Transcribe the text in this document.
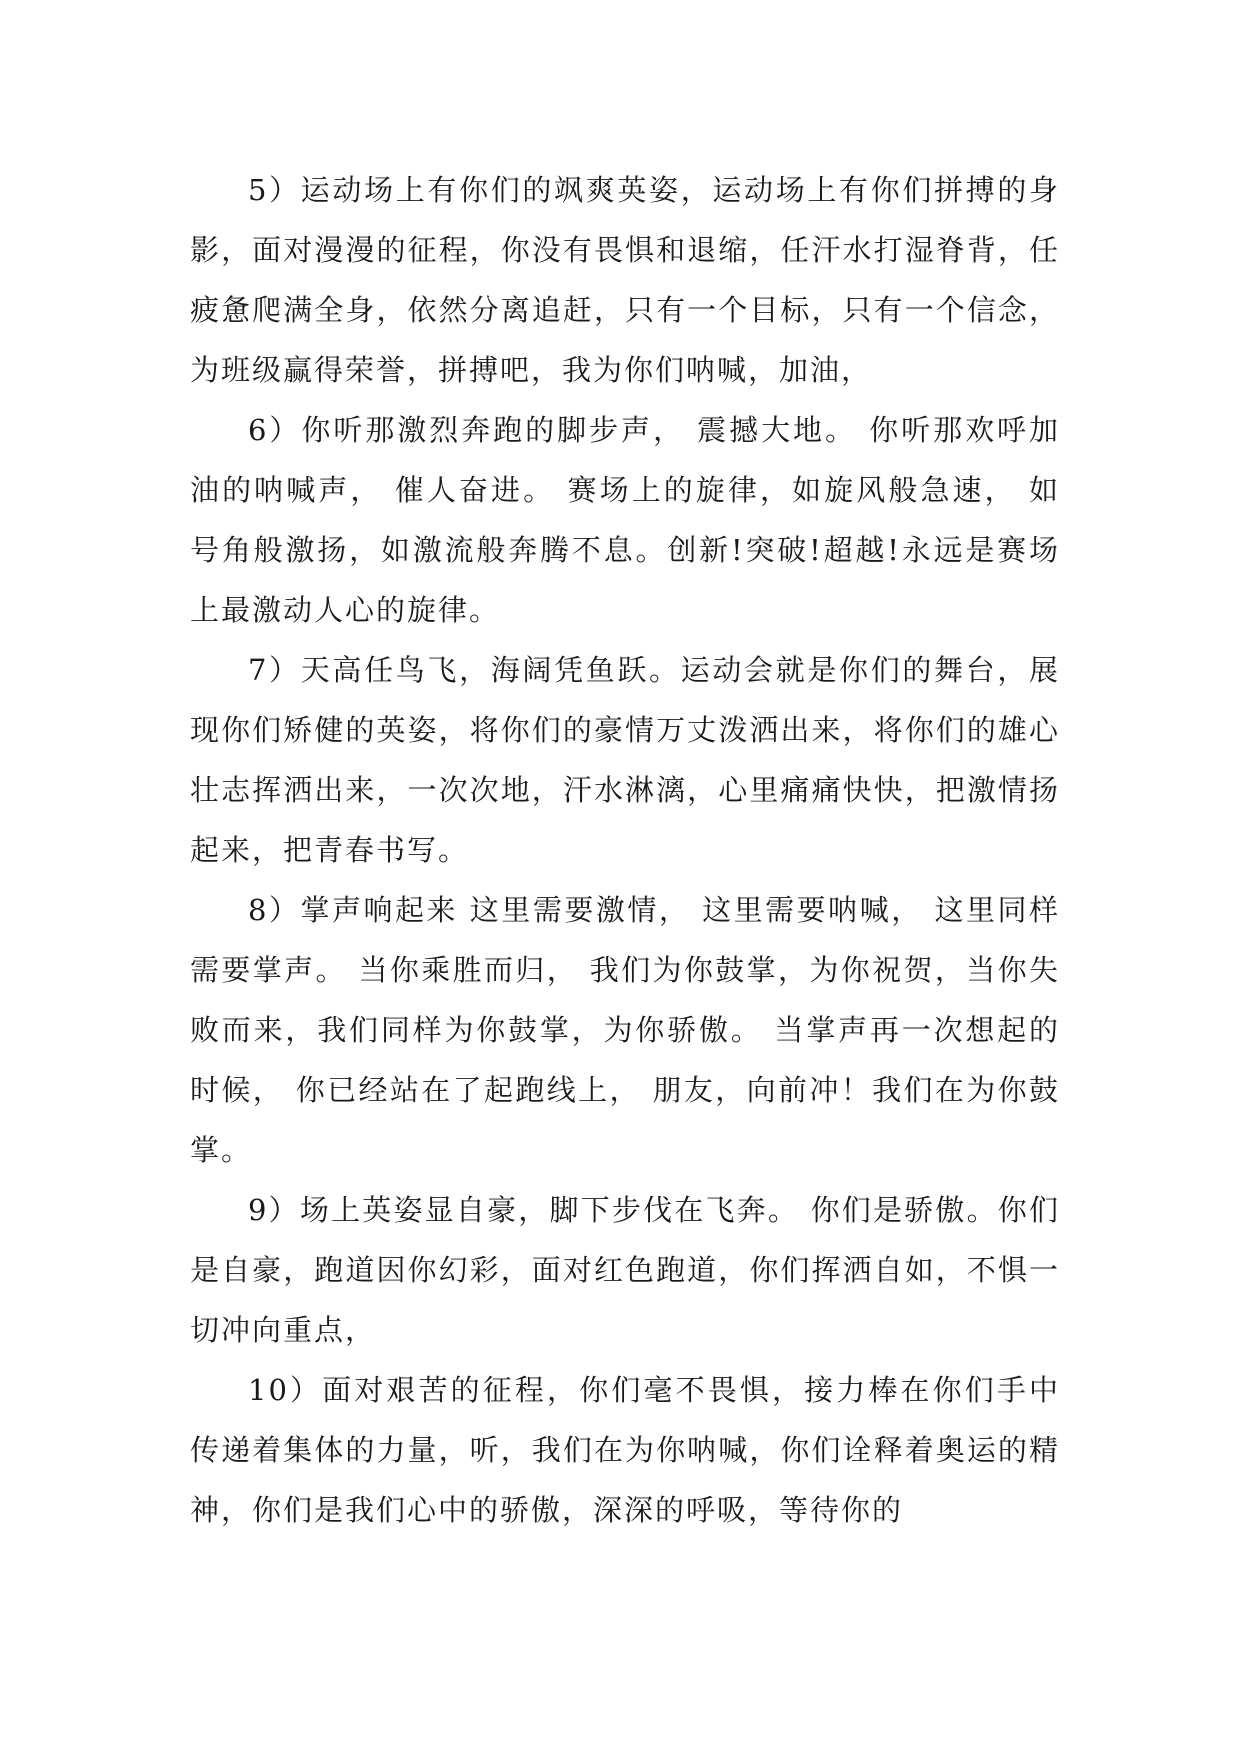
5）运动场上有你们的飒爽英姿，运动场上有你们拼搏的身影，面对漫漫的征程，你没有畏惧和退缩，任汗水打湿脊背，任疲惫爬满全身，依然分离追赶，只有一个目标，只有一个信念，为班级赢得荣誉，拼搏吧，我为你们呐喊，加油，

6）你听那激烈奔跑的脚步声， 震撼大地。 你听那欢呼加油的呐喊声， 催人奋进。 赛场上的旋律，如旋风般急速， 如号角般激扬，如激流般奔腾不息。创新!突破!超越!永远是赛场上最激动人心的旋律。

7）天高任鸟飞，海阔凭鱼跃。运动会就是你们的舞台，展现你们矫健的英姿，将你们的豪情万丈泼洒出来，将你们的雄心壮志挥洒出来，一次次地，汗水淋漓，心里痛痛快快，把激情扬起来，把青春书写。

8）掌声响起来 这里需要激情， 这里需要呐喊， 这里同样需要掌声。 当你乘胜而归， 我们为你鼓掌，为你祝贺，当你失败而来，我们同样为你鼓掌，为你骄傲。 当掌声再一次想起的时候， 你已经站在了起跑线上， 朋友，向前冲！我们在为你鼓掌。

9）场上英姿显自豪，脚下步伐在飞奔。 你们是骄傲。你们是自豪，跑道因你幻彩，面对红色跑道，你们挥洒自如，不惧一切冲向重点，

10）面对艰苦的征程，你们毫不畏惧，接力棒在你们手中传递着集体的力量，听，我们在为你呐喊，你们诠释着奥运的精神，你们是我们心中的骄傲，深深的呼吸，等待你的
